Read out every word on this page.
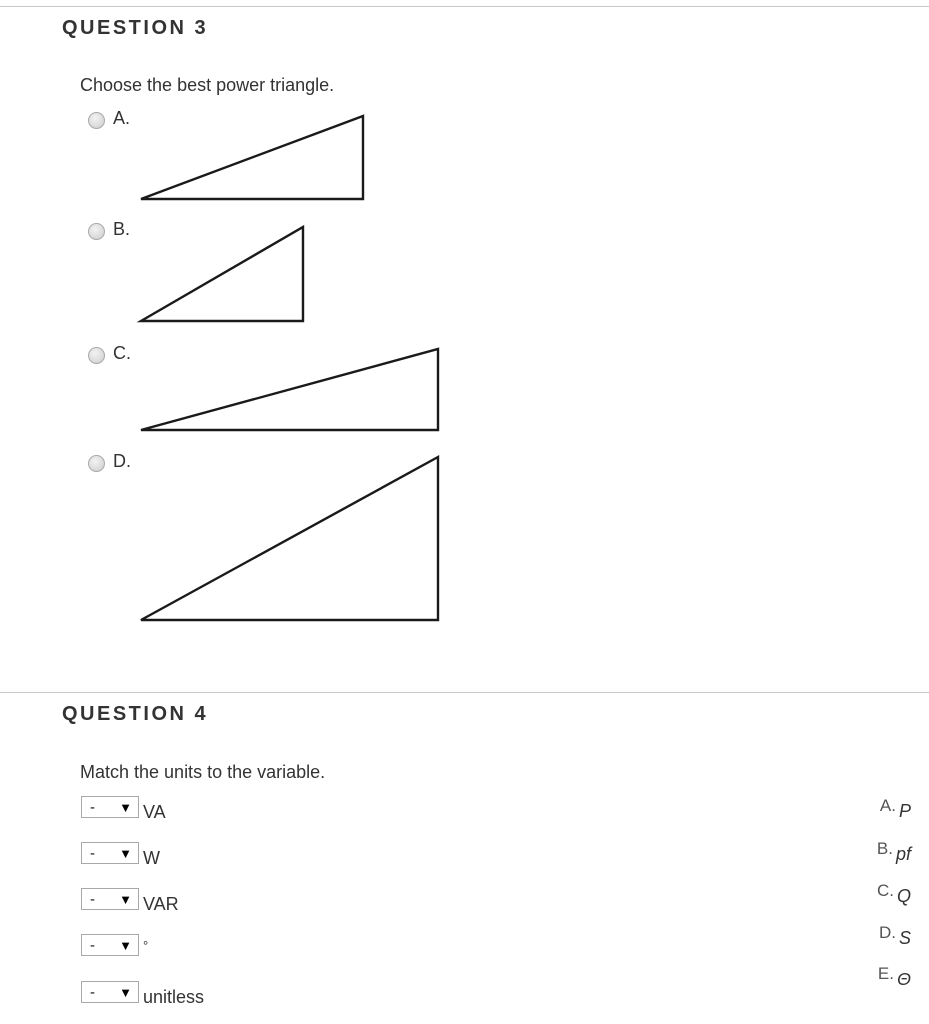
QUESTION 3
Choose the best power triangle.
A.
B.
C.
D.
QUESTION 4
Match the units to the variable.
- ▼ VA
- ▼ W
- ▼ VAR
- ▼ °
- ▼ unitless
A. P
B. pf
C. Q
D. S
E. Θ
